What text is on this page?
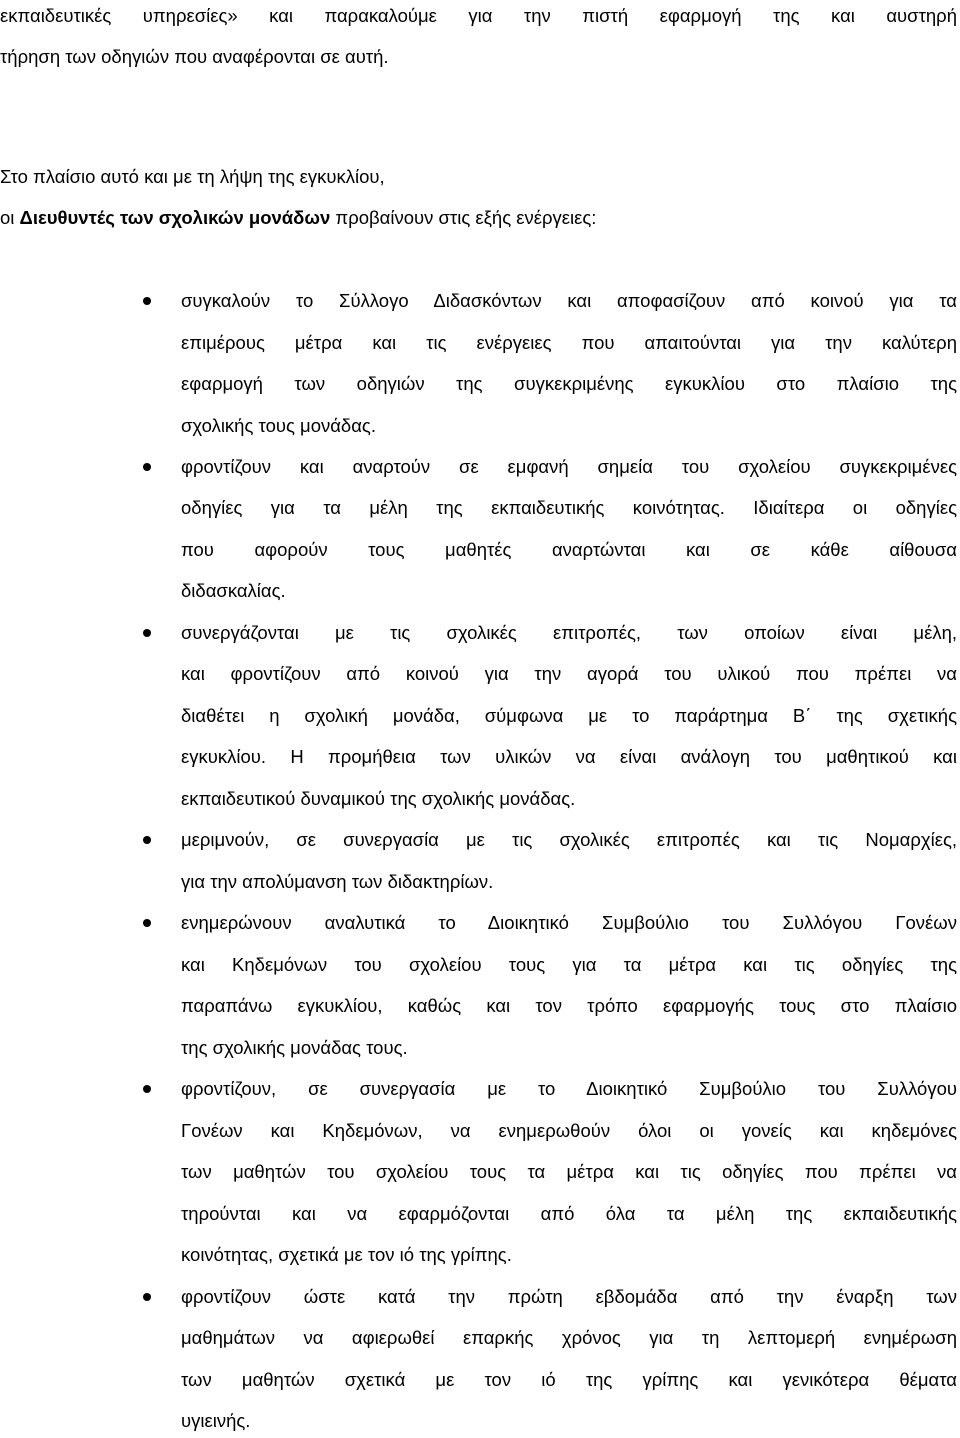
εκπαιδευτικές υπηρεσίες» και παρακαλούμε για την πιστή εφαρμογή της και αυστηρή

τήρηση των οδηγιών που αναφέρονται σε αυτή.

Στο πλαίσιο αυτό και με τη λήψη της εγκυκλίου,

οι Διευθυντές των σχολικών μονάδων προβαίνουν στις εξής ενέργειες:

συγκαλούν το Σύλλογο Διδασκόντων και αποφασίζουν από κοινού για τα

επιμέρους μέτρα και τις ενέργειες που απαιτούνται για την καλύτερη

εφαρμογή των οδηγιών της συγκεκριμένης εγκυκλίου στο πλαίσιο της

σχολικής τους μονάδας.

φροντίζουν και αναρτούν σε εμφανή σημεία του σχολείου συγκεκριμένες

οδηγίες για τα μέλη της εκπαιδευτικής κοινότητας. Ιδιαίτερα οι οδηγίες

που αφορούν τους μαθητές αναρτώνται και σε κάθε αίθουσα

διδασκαλίας.

συνεργάζονται με τις σχολικές επιτροπές, των οποίων είναι μέλη,

και φροντίζουν από κοινού για την αγορά του υλικού που πρέπει να

διαθέτει η σχολική μονάδα, σύμφωνα με το παράρτημα Β΄ της σχετικής

εγκυκλίου. Η προμήθεια των υλικών να είναι ανάλογη του μαθητικού και

εκπαιδευτικού δυναμικού της σχολικής μονάδας.

μεριμνούν, σε συνεργασία με τις σχολικές επιτροπές και τις Νομαρχίες,

για την απολύμανση των διδακτηρίων.

ενημερώνουν αναλυτικά το Διοικητικό Συμβούλιο του Συλλόγου Γονέων

και Κηδεμόνων του σχολείου τους για τα μέτρα και τις οδηγίες της

παραπάνω εγκυκλίου, καθώς και τον τρόπο εφαρμογής τους στο πλαίσιο

της σχολικής μονάδας τους.

φροντίζουν, σε συνεργασία με το Διοικητικό Συμβούλιο του Συλλόγου

Γονέων και Κηδεμόνων, να ενημερωθούν όλοι οι γονείς και κηδεμόνες

των μαθητών του σχολείου τους τα μέτρα και τις οδηγίες που πρέπει να

τηρούνται και να εφαρμόζονται από όλα τα μέλη της εκπαιδευτικής

κοινότητας, σχετικά με τον ιό της γρίπης.

φροντίζουν ώστε κατά την πρώτη εβδομάδα από την έναρξη των

μαθημάτων να αφιερωθεί επαρκής χρόνος για τη λεπτομερή ενημέρωση

των μαθητών σχετικά με τον ιό της γρίπης και γενικότερα θέματα

υγιεινής.
